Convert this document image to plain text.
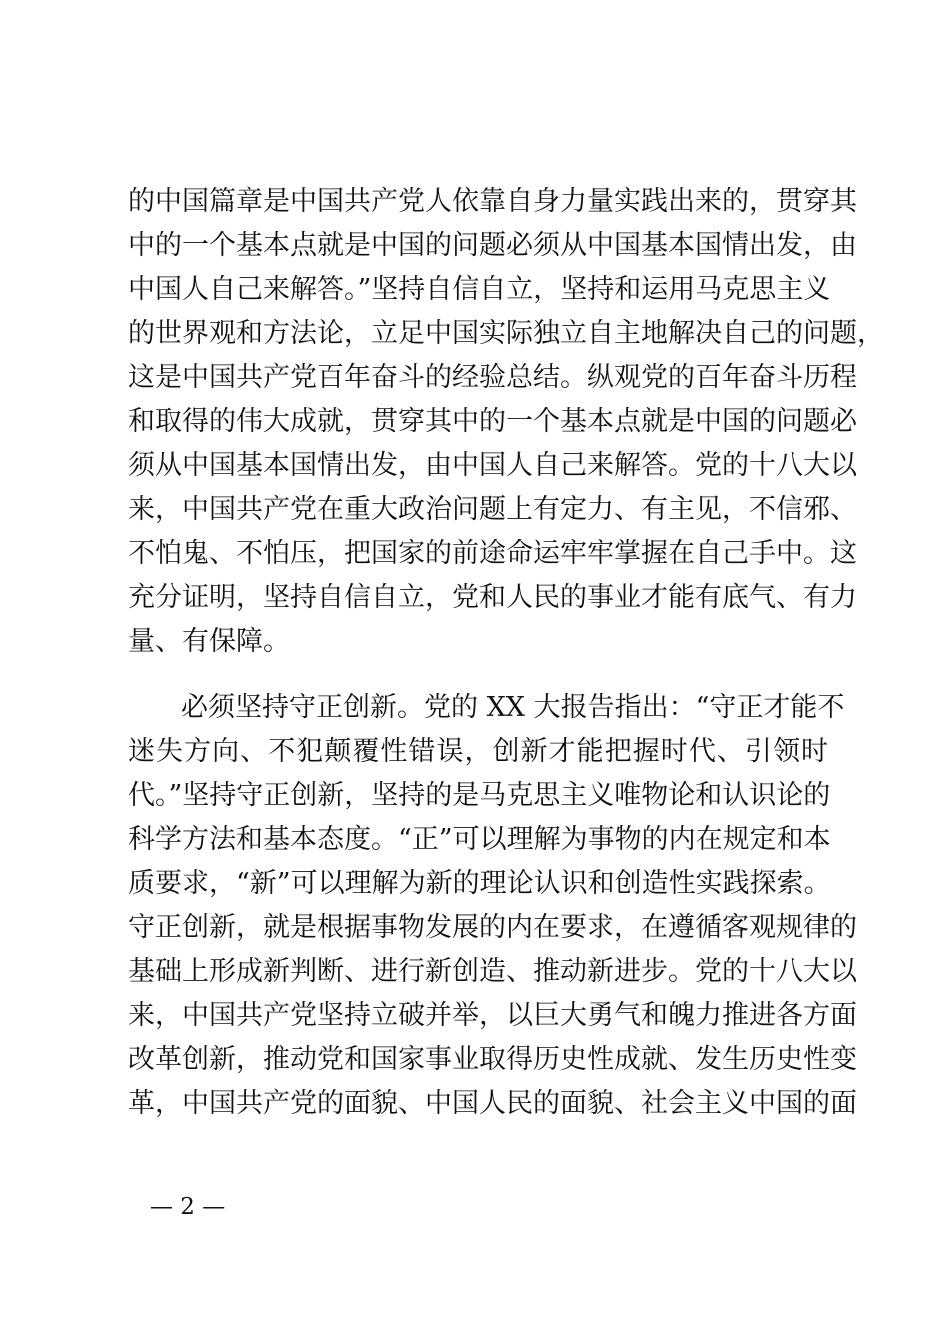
的中国篇章是中国共产党人依靠自身力量实践出来的，贯穿其
中的一个基本点就是中国的问题必须从中国基本国情出发，由
中国人自己来解答。”坚持自信自立，坚持和运用马克思主义
的世界观和方法论，立足中国实际独立自主地解决自己的问题，
这是中国共产党百年奋斗的经验总结。纵观党的百年奋斗历程
和取得的伟大成就，贯穿其中的一个基本点就是中国的问题必
须从中国基本国情出发，由中国人自己来解答。党的十八大以
来，中国共产党在重大政治问题上有定力、有主见，不信邪、
不怕鬼、不怕压，把国家的前途命运牢牢掌握在自己手中。这
充分证明，坚持自信自立，党和人民的事业才能有底气、有力
量、有保障。
必须坚持守正创新。党的 XX 大报告指出：“守正才能不
迷失方向、不犯颠覆性错误，创新才能把握时代、引领时
代。”坚持守正创新，坚持的是马克思主义唯物论和认识论的
科学方法和基本态度。“正”可以理解为事物的内在规定和本
质要求，“新”可以理解为新的理论认识和创造性实践探索。
守正创新，就是根据事物发展的内在要求，在遵循客观规律的
基础上形成新判断、进行新创造、推动新进步。党的十八大以
来，中国共产党坚持立破并举，以巨大勇气和魄力推进各方面
改革创新，推动党和国家事业取得历史性成就、发生历史性变
革，中国共产党的面貌、中国人民的面貌、社会主义中国的面
— 2 —
